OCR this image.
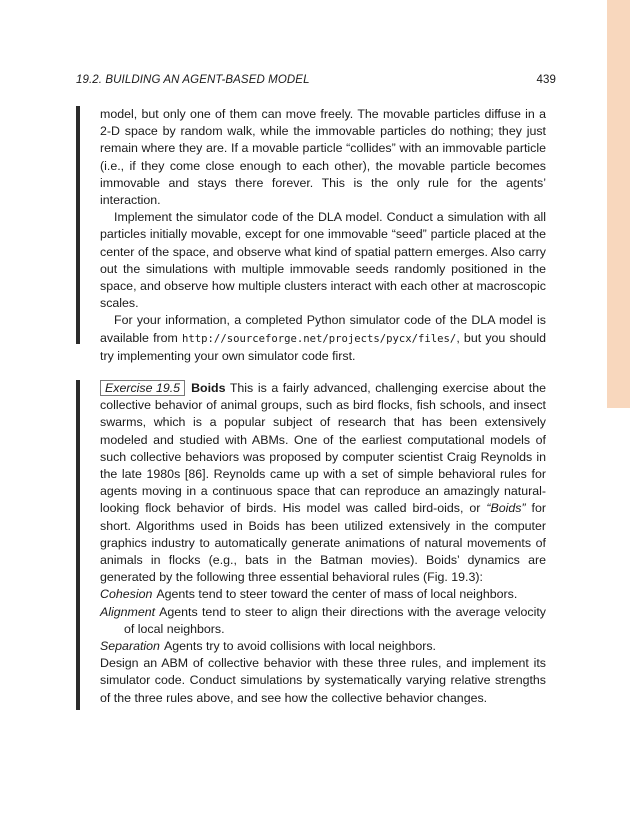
19.2. BUILDING AN AGENT-BASED MODEL	439

model, but only one of them can move freely. The movable particles diffuse in a 2-D space by random walk, while the immovable particles do nothing; they just remain where they are. If a movable particle “collides” with an immovable particle (i.e., if they come close enough to each other), the movable particle becomes immovable and stays there forever. This is the only rule for the agents’ interaction.

Implement the simulator code of the DLA model. Conduct a simulation with all particles initially movable, except for one immovable “seed” particle placed at the center of the space, and observe what kind of spatial pattern emerges. Also carry out the simulations with multiple immovable seeds randomly positioned in the space, and observe how multiple clusters interact with each other at macroscopic scales.

For your information, a completed Python simulator code of the DLA model is available from http://sourceforge.net/projects/pycx/files/, but you should try implementing your own simulator code first.

Exercise 19.5 Boids This is a fairly advanced, challenging exercise about the collective behavior of animal groups, such as bird flocks, fish schools, and insect swarms, which is a popular subject of research that has been extensively modeled and studied with ABMs. One of the earliest computational models of such collective behaviors was proposed by computer scientist Craig Reynolds in the late 1980s [86]. Reynolds came up with a set of simple behavioral rules for agents moving in a continuous space that can reproduce an amazingly natural-looking flock behavior of birds. His model was called bird-oids, or “Boids” for short. Algorithms used in Boids has been utilized extensively in the computer graphics industry to automatically generate animations of natural movements of animals in flocks (e.g., bats in the Batman movies). Boids’ dynamics are generated by the following three essential behavioral rules (Fig. 19.3):

Cohesion Agents tend to steer toward the center of mass of local neighbors.

Alignment Agents tend to steer to align their directions with the average velocity of local neighbors.

Separation Agents try to avoid collisions with local neighbors.

Design an ABM of collective behavior with these three rules, and implement its simulator code. Conduct simulations by systematically varying relative strengths of the three rules above, and see how the collective behavior changes.
